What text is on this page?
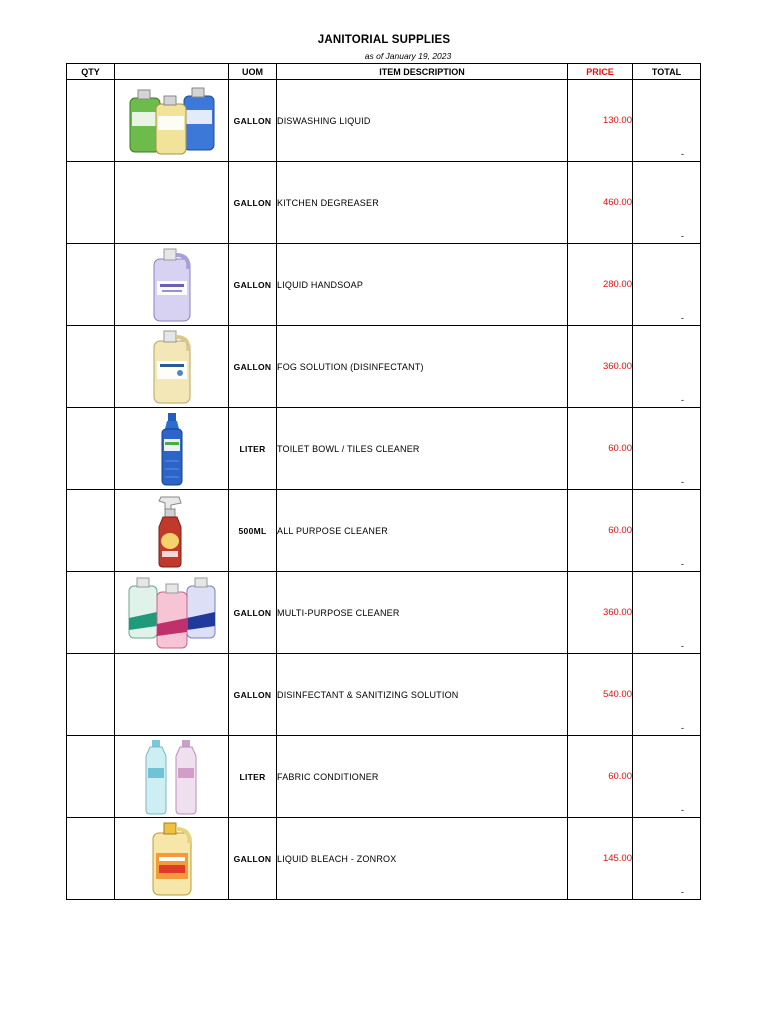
JANITORIAL SUPPLIES
as of January 19, 2023
QTY		UOM	ITEM DESCRIPTION	PRICE	TOTAL
		GALLON	DISWASHING LIQUID	130.00	-

		GALLON	KITCHEN DEGREASER	460.00	-

		GALLON	LIQUID HANDSOAP	280.00	-

		GALLON	FOG SOLUTION (DISINFECTANT)	360.00	-

		LITER	TOILET BOWL / TILES CLEANER	60.00	-

		500ML	ALL PURPOSE CLEANER	60.00	-

		GALLON	MULTI-PURPOSE CLEANER	360.00	-

		GALLON	DISINFECTANT & SANITIZING SOLUTION	540.00	-

		LITER	FABRIC CONDITIONER	60.00	-

		GALLON	LIQUID BLEACH - ZONROX	145.00	-
